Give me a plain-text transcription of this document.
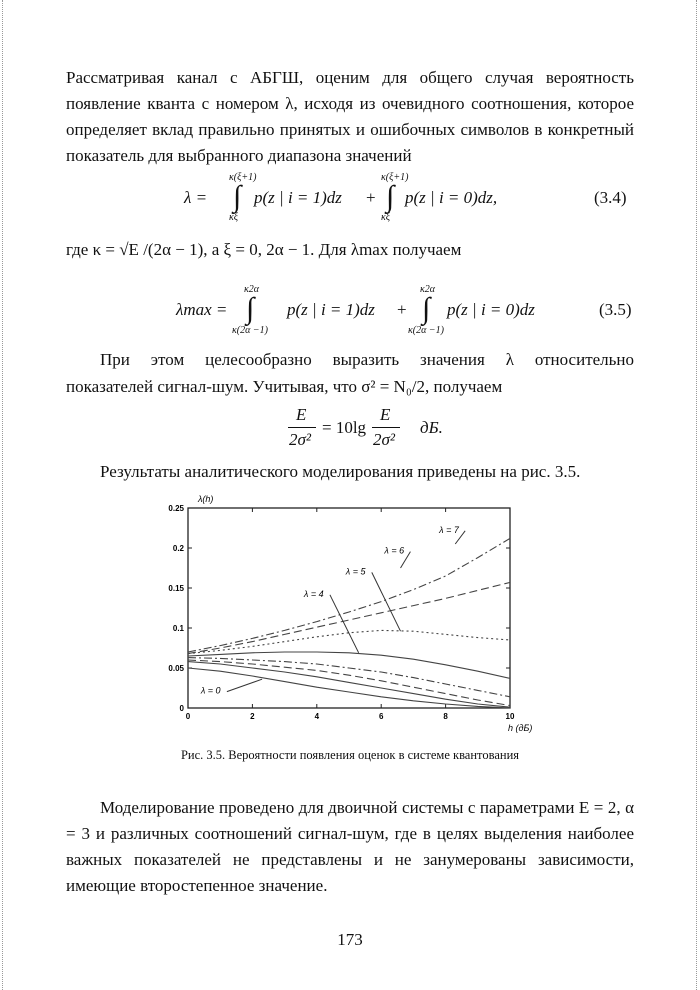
Рассматривая канал с АБГШ, оценим для общего случая вероятность появление кванта с номером λ, исходя из очевидного соотношения, которое определяет вклад правильно принятых и ошибочных символов в конкретный показатель для выбранного диапазона значений
λ =
κ(ξ+1)
∫
κξ
p(z | i = 1)dz +
κ(ξ+1)
∫
κξ
p(z | i = 0)dz,	(3.4)
где κ = √E /(2α − 1), а ξ = 0, 2α − 1. Для λmax получаем
λmax =
κ2α
∫
κ(2α −1)
p(z | i = 1)dz +
κ2α
∫
κ(2α −1)
p(z | i = 0)dz	(3.5)
При этом целесообразно выразить значения λ относительно
показателей сигнал-шум. Учитывая, что σ² = N₀/2, получаем
E
2σ²
= 10lg
E
2σ²
дБ.
Результаты аналитического моделирования приведены на рис. 3.5.
0	2	4	6	8	10
0
0.05
0.1
0.15
0.2
0.25
λ(h)
h (дБ)
λ = 7
λ = 6
λ = 5
λ = 4
λ = 0
Рис. 3.5. Вероятности появления оценок в системе квантования
Моделирование проведено для двоичной системы с параметрами E = 2, α = 3 и различных соотношений сигнал-шум, где в целях выделения наиболее важных показателей не представлены и не занумерованы зависимости, имеющие второстепенное значение.
173
